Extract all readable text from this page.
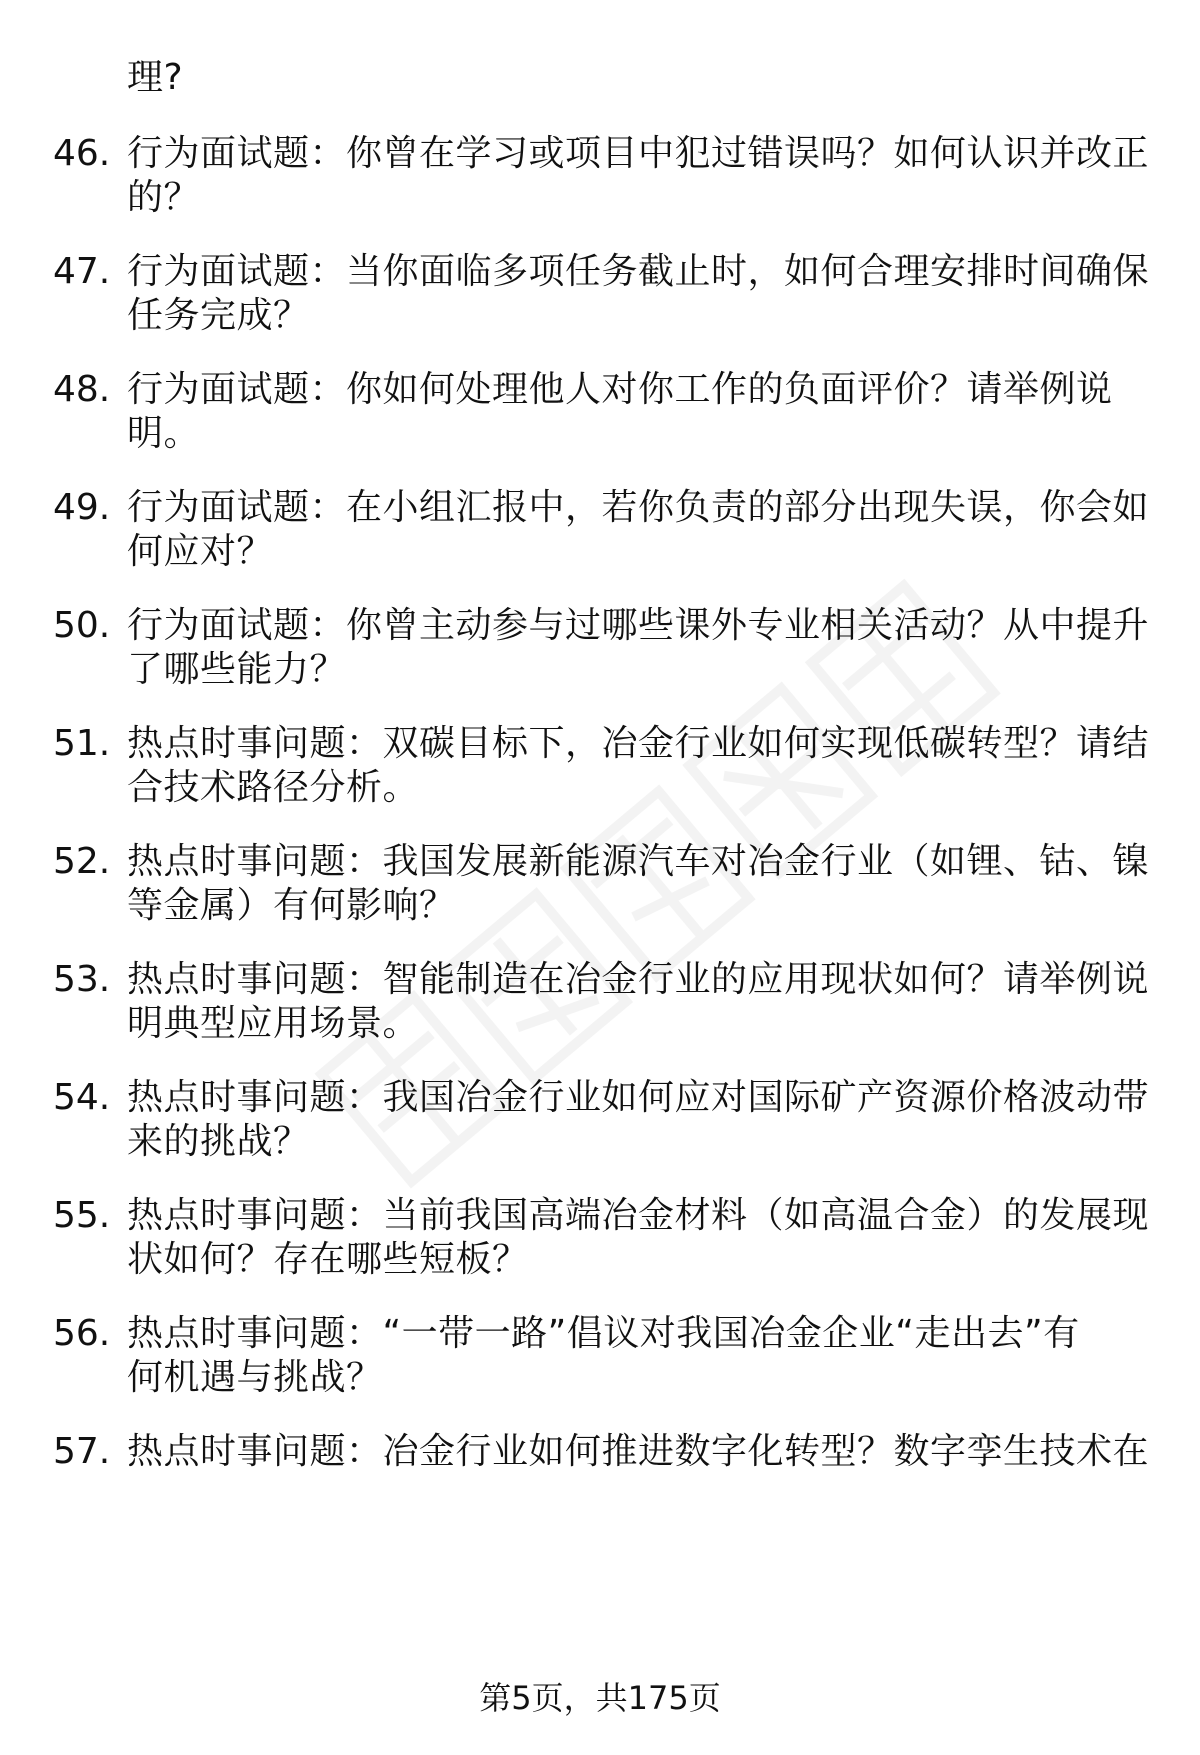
理?
46. 行为面试题：你曾在学习或项目中犯过错误吗？如何认识并改正
的？
47. 行为面试题：当你面临多项任务截止时，如何合理安排时间确保
任务完成？
48. 行为面试题：你如何处理他人对你工作的负面评价？请举例说
明。
49. 行为面试题：在小组汇报中，若你负责的部分出现失误，你会如
何应对？
50. 行为面试题：你曾主动参与过哪些课外专业相关活动？从中提升
了哪些能力？
51. 热点时事问题：双碳目标下，冶金行业如何实现低碳转型？请结
合技术路径分析。
52. 热点时事问题：我国发展新能源汽车对冶金行业（如锂、钴、镍
等金属）有何影响？
53. 热点时事问题：智能制造在冶金行业的应用现状如何？请举例说
明典型应用场景。
54. 热点时事问题：我国冶金行业如何应对国际矿产资源价格波动带
来的挑战？
55. 热点时事问题：当前我国高端冶金材料（如高温合金）的发展现
状如何？存在哪些短板？
56. 热点时事问题：“一带一路”倡议对我国冶金企业“走出去”有
何机遇与挑战？
57. 热点时事问题：冶金行业如何推进数字化转型？数字孪生技术在
第5页，共175页
